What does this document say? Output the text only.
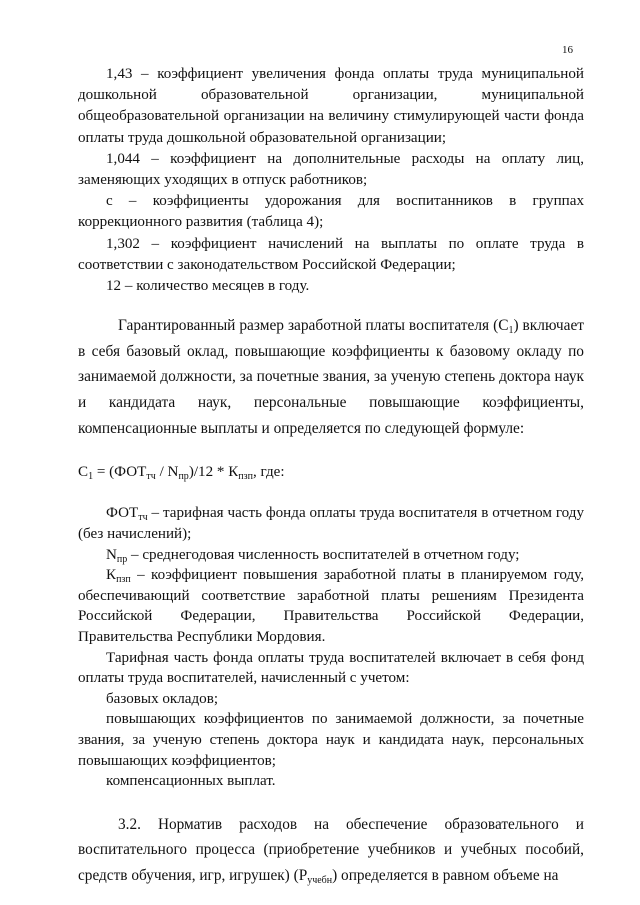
16

1,43 – коэффициент увеличения фонда оплаты труда муниципальной дошкольной образовательной организации, муниципальной общеобразовательной организации на величину стимулирующей части фонда оплаты труда дошкольной образовательной организации;

1,044 – коэффициент на дополнительные расходы на оплату лиц, заменяющих уходящих в отпуск работников;

с – коэффициенты удорожания для воспитанников в группах коррекционного развития (таблица 4);

1,302 – коэффициент начислений на выплаты по оплате труда в соответствии с законодательством Российской Федерации;

12 – количество месяцев в году.

Гарантированный размер заработной платы воспитателя $(С_1)$ включает в себя базовый оклад, повышающие коэффициенты к базовому окладу по занимаемой должности, за почетные звания, за ученую степень доктора наук и кандидата наук, персональные повышающие коэффициенты, компенсационные выплаты и определяется по следующей формуле:

$С_1 = (ФОТ_{тч} / N_{пр})/12 * К_{пзп}$, где:

$ФОТ_{тч}$ – тарифная часть фонда оплаты труда воспитателя в отчетном году (без начислений);

$N_{пр}$ – среднегодовая численность воспитателей в отчетном году;

$К_{пзп}$ – коэффициент повышения заработной платы в планируемом году, обеспечивающий соответствие заработной платы решениям Президента Российской Федерации, Правительства Российской Федерации, Правительства Республики Мордовия.

Тарифная часть фонда оплаты труда воспитателей включает в себя фонд оплаты труда воспитателей, начисленный с учетом:

базовых окладов;

повышающих коэффициентов по занимаемой должности, за почетные звания, за ученую степень доктора наук и кандидата наук, персональных повышающих коэффициентов;

компенсационных выплат.

3.2. Норматив расходов на обеспечение образовательного и воспитательного процесса (приобретение учебников и учебных пособий, средств обучения, игр, игрушек) $(Р_{учебн})$ определяется в равном объеме на
